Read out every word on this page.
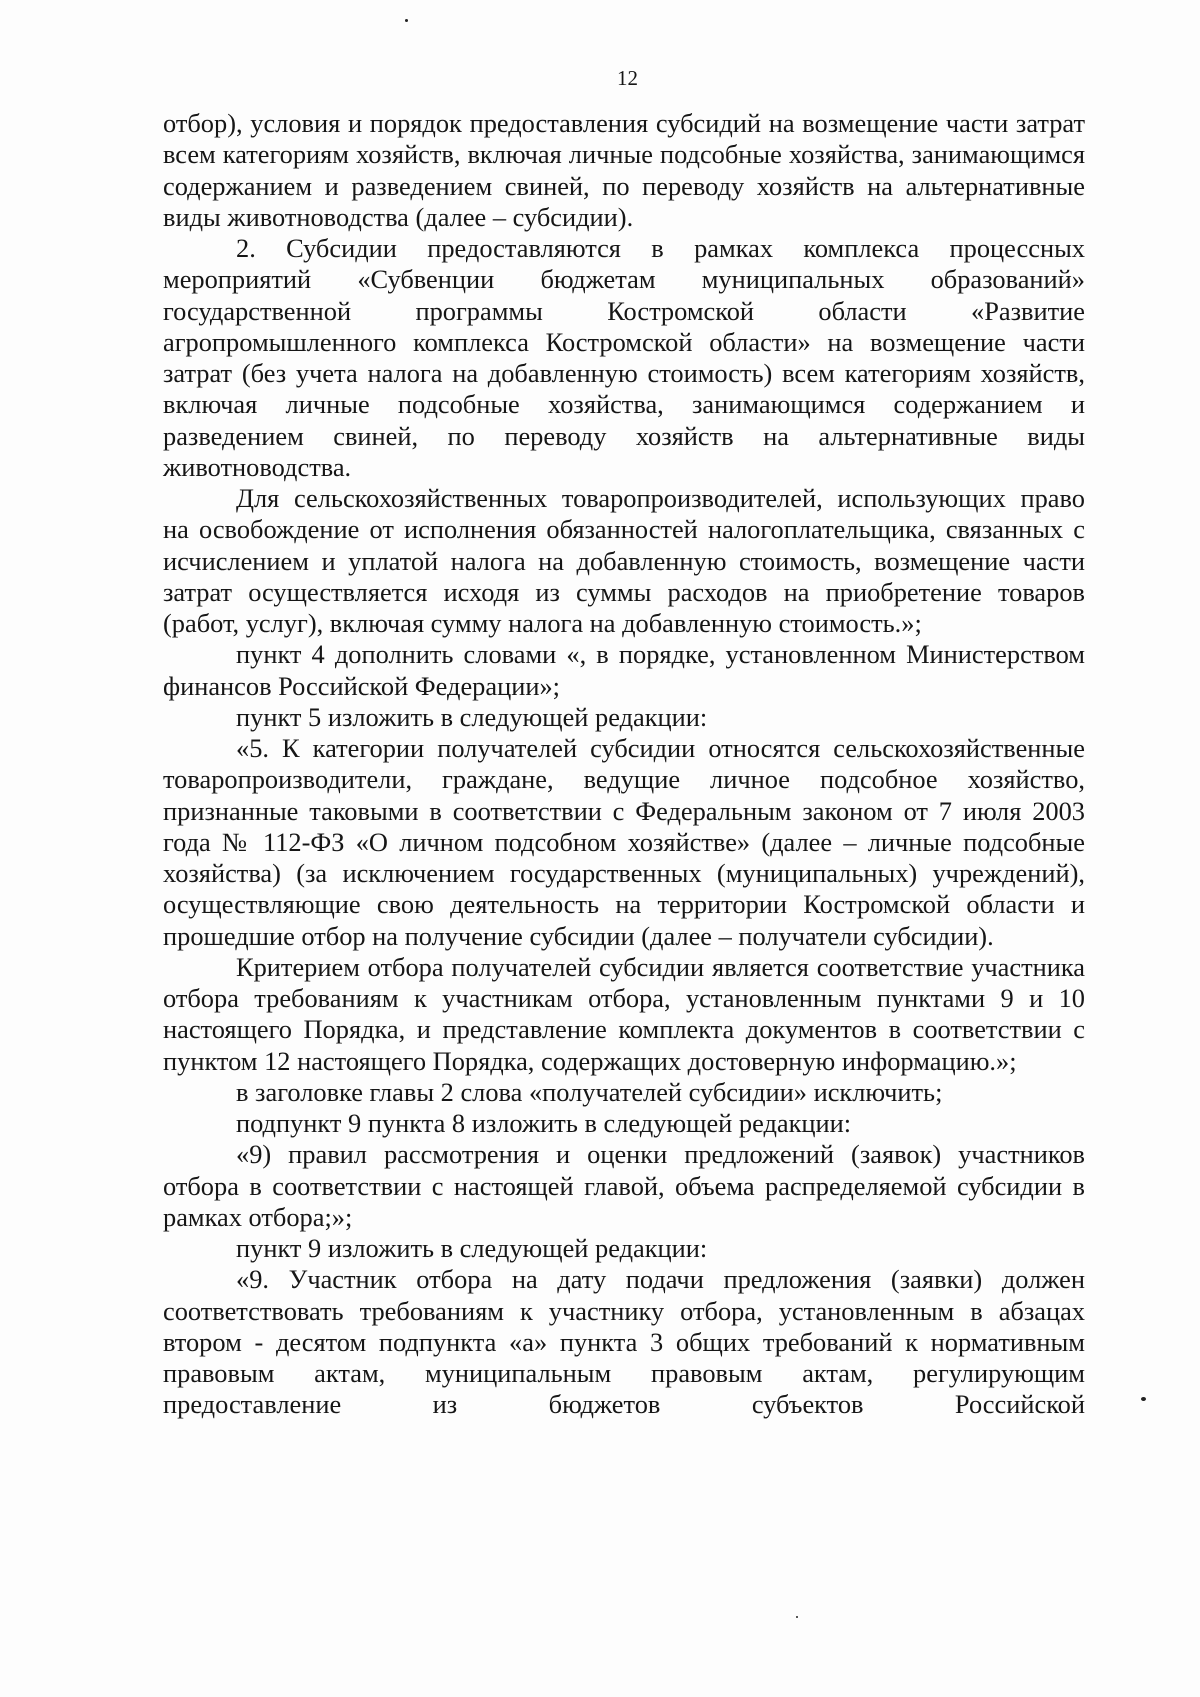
12

отбор), условия и порядок предоставления субсидий на возмещение части затрат всем категориям хозяйств, включая личные подсобные хозяйства, занимающимся содержанием и разведением свиней, по переводу хозяйств на альтернативные виды животноводства (далее – субсидии).

2. Субсидии предоставляются в рамках комплекса процессных мероприятий «Субвенции бюджетам муниципальных образований» государственной программы Костромской области «Развитие агропромышленного комплекса Костромской области» на возмещение части затрат (без учета налога на добавленную стоимость) всем категориям хозяйств, включая личные подсобные хозяйства, занимающимся содержанием и разведением свиней, по переводу хозяйств на альтернативные виды животноводства.

Для сельскохозяйственных товаропроизводителей, использующих право на освобождение от исполнения обязанностей налогоплательщика, связанных с исчислением и уплатой налога на добавленную стоимость, возмещение части затрат осуществляется исходя из суммы расходов на приобретение товаров (работ, услуг), включая сумму налога на добавленную стоимость.»;

пункт 4 дополнить словами «, в порядке, установленном Министерством финансов Российской Федерации»;

пункт 5 изложить в следующей редакции:

«5. К категории получателей субсидии относятся сельскохозяйственные товаропроизводители, граждане, ведущие личное подсобное хозяйство, признанные таковыми в соответствии с Федеральным законом от 7 июля 2003 года № 112-ФЗ «О личном подсобном хозяйстве» (далее – личные подсобные хозяйства) (за исключением государственных (муниципальных) учреждений), осуществляющие свою деятельность на территории Костромской области и прошедшие отбор на получение субсидии (далее – получатели субсидии).

Критерием отбора получателей субсидии является соответствие участника отбора требованиям к участникам отбора, установленным пунктами 9 и 10 настоящего Порядка, и представление комплекта документов в соответствии с пунктом 12 настоящего Порядка, содержащих достоверную информацию.»;

в заголовке главы 2 слова «получателей субсидии» исключить;

подпункт 9 пункта 8 изложить в следующей редакции:

«9) правил рассмотрения и оценки предложений (заявок) участников отбора в соответствии с настоящей главой, объема распределяемой субсидии в рамках отбора;»;

пункт 9 изложить в следующей редакции:

«9. Участник отбора на дату подачи предложения (заявки) должен соответствовать требованиям к участнику отбора, установленным в абзацах втором - десятом подпункта «а» пункта 3 общих требований к нормативным правовым актам, муниципальным правовым актам, регулирующим предоставление из бюджетов субъектов Российской
